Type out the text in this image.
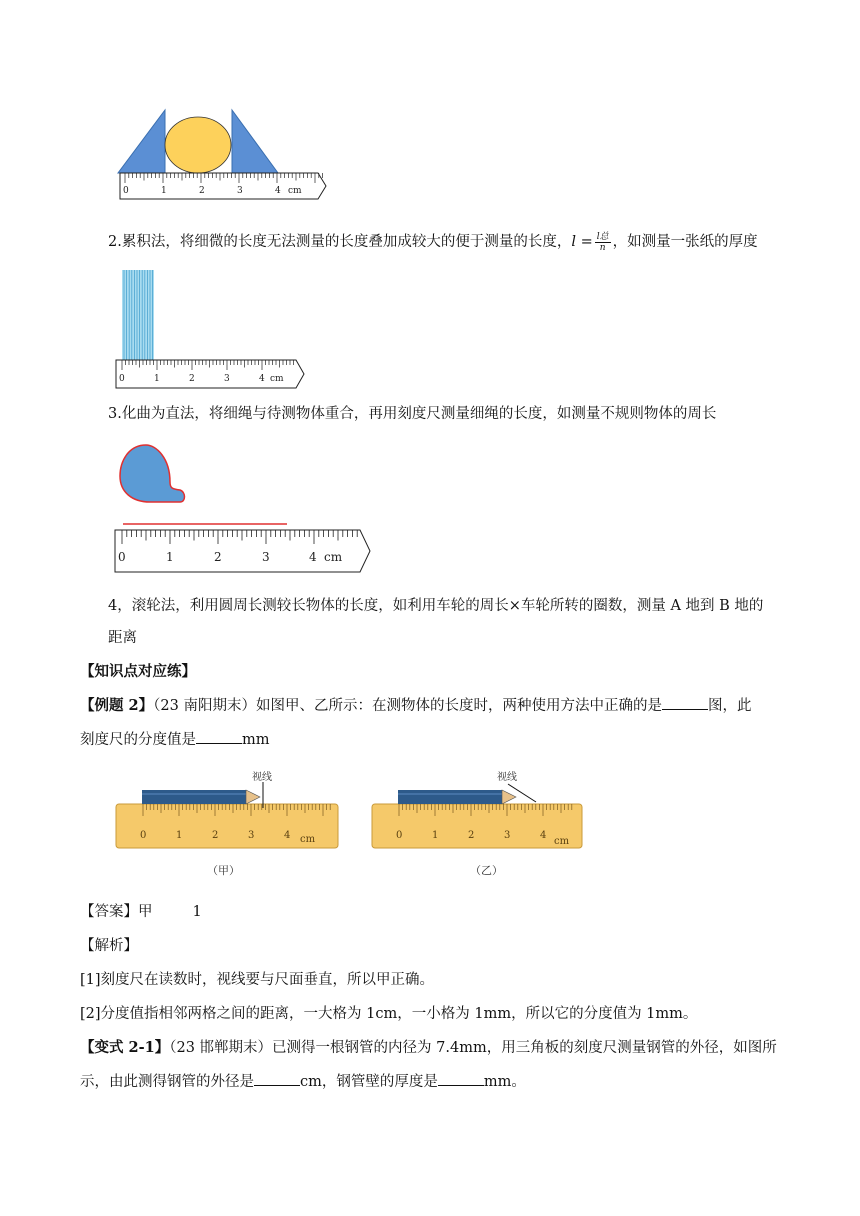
0	1	2	3	4 cm
2.累积法，将细微的长度无法测量的长度叠加成较大的便于测量的长度，$l = \frac{\text{l总}}{n}$ ，如测量一张纸的厚度
0	1	2	3	4 cm
3.化曲为直法，将细绳与待测物体重合，再用刻度尺测量细绳的长度，如测量不规则物体的周长
0	1	2	3	4 cm
4，滚轮法，利用圆周长测较长物体的长度，如利用车轮的周长×车轮所转的圈数，测量 A 地到 B 地的
距离
【知识点对应练】
【例题 2】（23 南阳期末）如图甲、乙所示：在测物体的长度时，两种使用方法中正确的是	图，此
刻度尺的分度值是	mm
视线
0	1	2	3	4 cm
（甲）
视线
0	1	2	3	4
cm
（乙）
【答案】甲	1
【解析】
[1]刻度尺在读数时，视线要与尺面垂直，所以甲正确。
[2]分度值指相邻两格之间的距离，一大格为 1cm，一小格为 1mm，所以它的分度值为 1mm。
【变式 2-1】（23 邯郸期末）已测得一根钢管的内径为 7.4mm，用三角板的刻度尺测量钢管的外径，如图所
示，由此测得钢管的外径是	cm，钢管壁的厚度是	mm。
